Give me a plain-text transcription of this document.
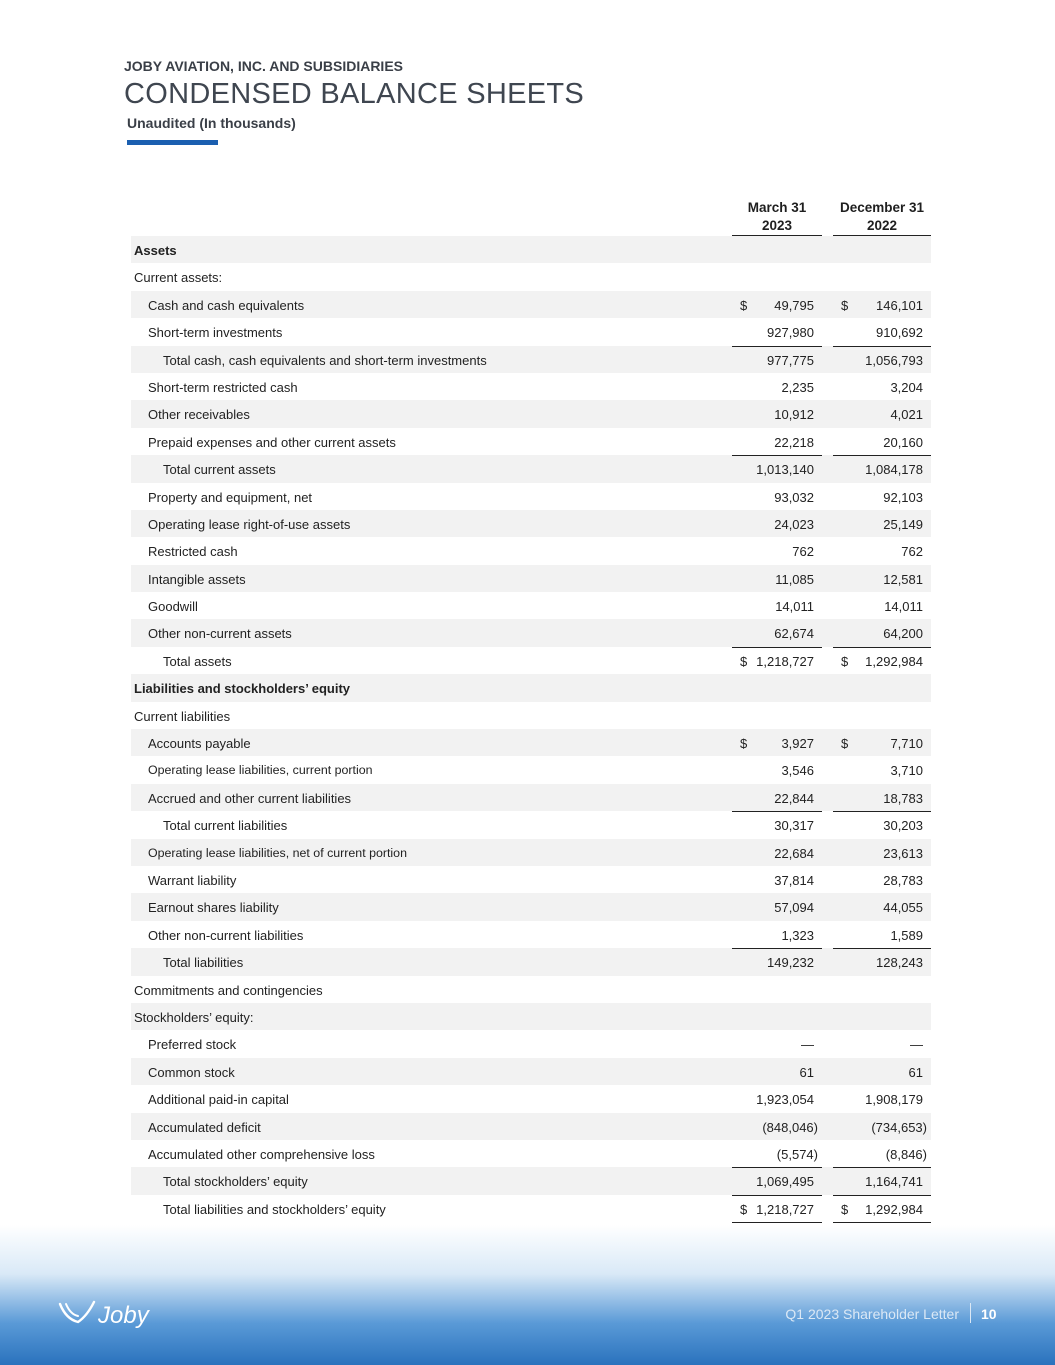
JOBY AVIATION, INC. AND SUBSIDIARIES
CONDENSED BALANCE SHEETS
Unaudited (In thousands)
March 31
2023
December 31
2022
Assets
Current assets:
Cash and cash equivalents	$ 49,795 $ 146,101
Short-term investments	927,980	910,692
Total cash, cash equivalents and short-term investments	977,775	1,056,793
Short-term restricted cash	2,235	3,204
Other receivables	10,912	4,021
Prepaid expenses and other current assets	22,218	20,160
Total current assets	1,013,140	1,084,178
Property and equipment, net	93,032	92,103
Operating lease right-of-use assets	24,023	25,149
Restricted cash	762	762
Intangible assets	11,085	12,581
Goodwill	14,011	14,011
Other non-current assets	62,674	64,200
Total assets	$ 1,218,727 $ 1,292,984
Liabilities and stockholders’ equity
Current liabilities
Accounts payable	$	3,927 $	7,710
Operating lease liabilities, current portion	3,546	3,710
Accrued and other current liabilities	22,844	18,783
Total current liabilities	30,317	30,203
Operating lease liabilities, net of current portion	22,684	23,613
Warrant liability	37,814	28,783
Earnout shares liability	57,094	44,055
Other non-current liabilities	1,323	1,589
Total liabilities	149,232	128,243
Commitments and contingencies
Stockholders’ equity:
Preferred stock	—	—
Common stock	61	61
Additional paid-in capital	1,923,054	1,908,179
Accumulated deficit	(848,046)	(734,653)
Accumulated other comprehensive loss	(5,574)	(8,846)
Total stockholders’ equity	1,069,495	1,164,741
Total liabilities and stockholders’ equity	$ 1,218,727 $ 1,292,984
Joby	Q1 2023 Shareholder Letter 10
